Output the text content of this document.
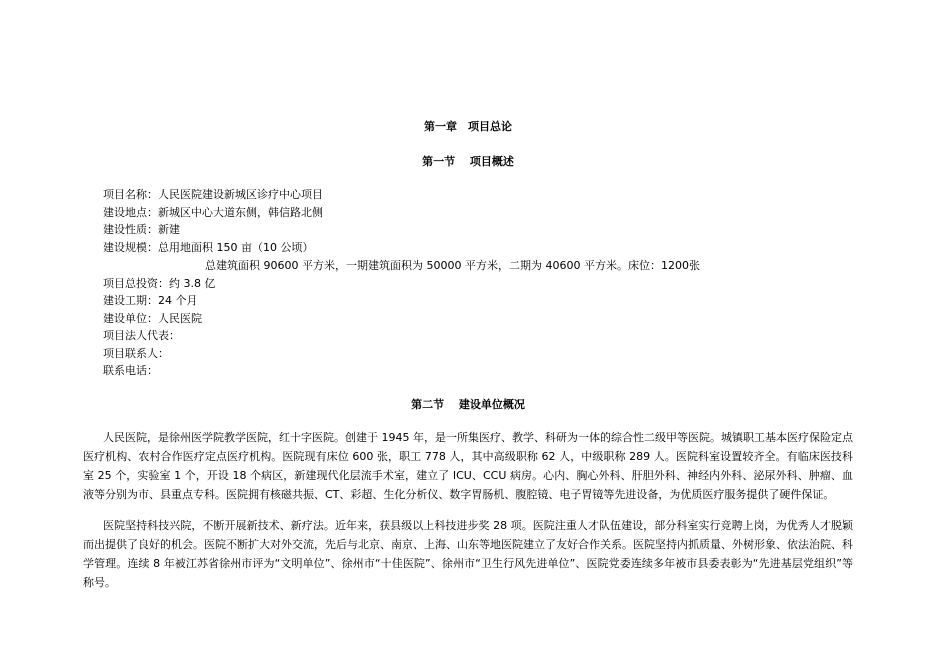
第一章　项目总论
第一节　 项目概述
项目名称：人民医院建设新城区诊疗中心项目
建设地点：新城区中心大道东侧，韩信路北侧
建设性质：新建
建设规模：总用地面积 150 亩（10 公顷）
总建筑面积 90600 平方米，一期建筑面积为 50000 平方米，二期为 40600 平方米。床位：1200张
项目总投资：约 3.8 亿
建设工期：24 个月
建设单位：人民医院
项目法人代表：
项目联系人：
联系电话：
第二节　 建设单位概况
人民医院，是徐州医学院教学医院，红十字医院。创建于 1945 年，是一所集医疗、教学、科研为一体的综合性二级甲等医院。城镇职工基本医疗保险定点医疗机构、农村合作医疗定点医疗机构。医院现有床位 600 张，职工 778 人，其中高级职称 62 人，中级职称 289 人。医院科室设置较齐全。有临床医技科室 25 个，实验室 1 个，开设 18 个病区，新建现代化层流手术室，建立了 ICU、CCU 病房。心内、胸心外科、肝胆外科、神经内外科、泌尿外科、肿瘤、血液等分别为市、县重点专科。医院拥有核磁共振、CT、彩超、生化分析仪、数字胃肠机、腹腔镜、电子胃镜等先进设备，为优质医疗服务提供了硬件保证。
医院坚持科技兴院，不断开展新技术、新疗法。近年来，获县级以上科技进步奖 28 项。医院注重人才队伍建设，部分科室实行竞聘上岗，为优秀人才脱颖而出提供了良好的机会。医院不断扩大对外交流，先后与北京、南京、上海、山东等地医院建立了友好合作关系。医院坚持内抓质量、外树形象、依法治院、科学管理。连续 8 年被江苏省徐州市评为“文明单位”、徐州市“十佳医院”、徐州市“卫生行风先进单位”、医院党委连续多年被市县委表彰为“先进基层党组织”等称号。
